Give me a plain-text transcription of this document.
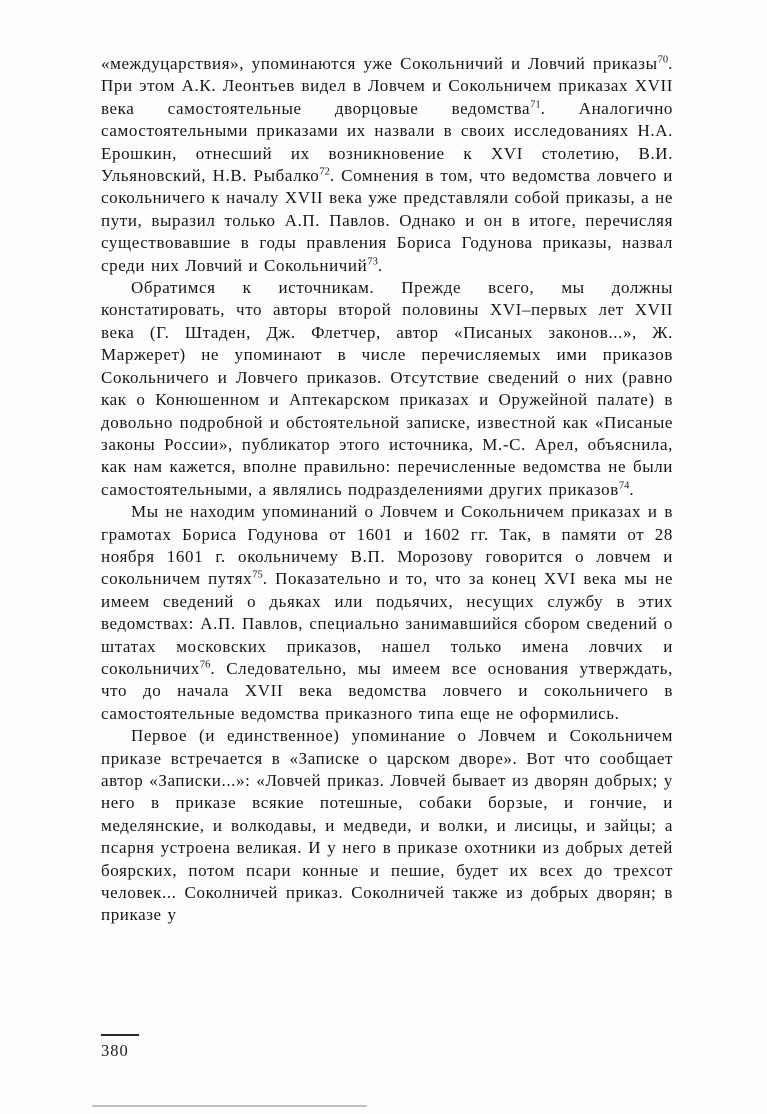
«междуцарствия», упоминаются уже Сокольничий и Ловчий приказы$^{70}$. При этом А.К. Леонтьев видел в Ловчем и Сокольничем приказах XVII века самостоятельные дворцовые ведомства$^{71}$. Аналогично самостоятельными приказами их назвали в своих исследованиях Н.А. Ерошкин, отнесший их возникновение к XVI столетию, В.И. Ульяновский, Н.В. Рыбалко$^{72}$. Сомнения в том, что ведомства ловчего и сокольничего к началу XVII века уже представляли собой приказы, а не пути, выразил только А.П. Павлов. Однако и он в итоге, перечисляя существовавшие в годы правления Бориса Годунова приказы, назвал среди них Ловчий и Сокольничий$^{73}$.

Обратимся к источникам. Прежде всего, мы должны констатировать, что авторы второй половины XVI–первых лет XVII века (Г. Штаден, Дж. Флетчер, автор «Писаных законов...», Ж. Маржерет) не упоминают в числе перечисляемых ими приказов Сокольничего и Ловчего приказов. Отсутствие сведений о них (равно как о Конюшенном и Аптекарском приказах и Оружейной палате) в довольно подробной и обстоятельной записке, известной как «Писаные законы России», публикатор этого источника, М.-С. Арел, объяснила, как нам кажется, вполне правильно: перечисленные ведомства не были самостоятельными, а являлись подразделениями других приказов$^{74}$.

Мы не находим упоминаний о Ловчем и Сокольничем приказах и в грамотах Бориса Годунова от 1601 и 1602 гг. Так, в памяти от 28 ноября 1601 г. окольничему В.П. Морозову говорится о ловчем и сокольничем путях$^{75}$. Показательно и то, что за конец XVI века мы не имеем сведений о дьяках или подьячих, несущих службу в этих ведомствах: А.П. Павлов, специально занимавшийся сбором сведений о штатах московских приказов, нашел только имена ловчих и сокольничих$^{76}$. Следовательно, мы имеем все основания утверждать, что до начала XVII века ведомства ловчего и сокольничего в самостоятельные ведомства приказного типа еще не оформились.

Первое (и единственное) упоминание о Ловчем и Сокольничем приказе встречается в «Записке о царском дворе». Вот что сообщает автор «Записки...»: «Ловчей приказ. Ловчей бывает из дворян добрых; у него в приказе всякие потешные, собаки борзые, и гончие, и меделянские, и волкодавы, и медведи, и волки, и лисицы, и зайцы; а псарня устроена великая. И у него в приказе охотники из добрых детей боярских, потом псари конные и пешие, будет их всех до трехсот человек... Соколничей приказ. Соколничей также из добрых дворян; в приказе у

380
